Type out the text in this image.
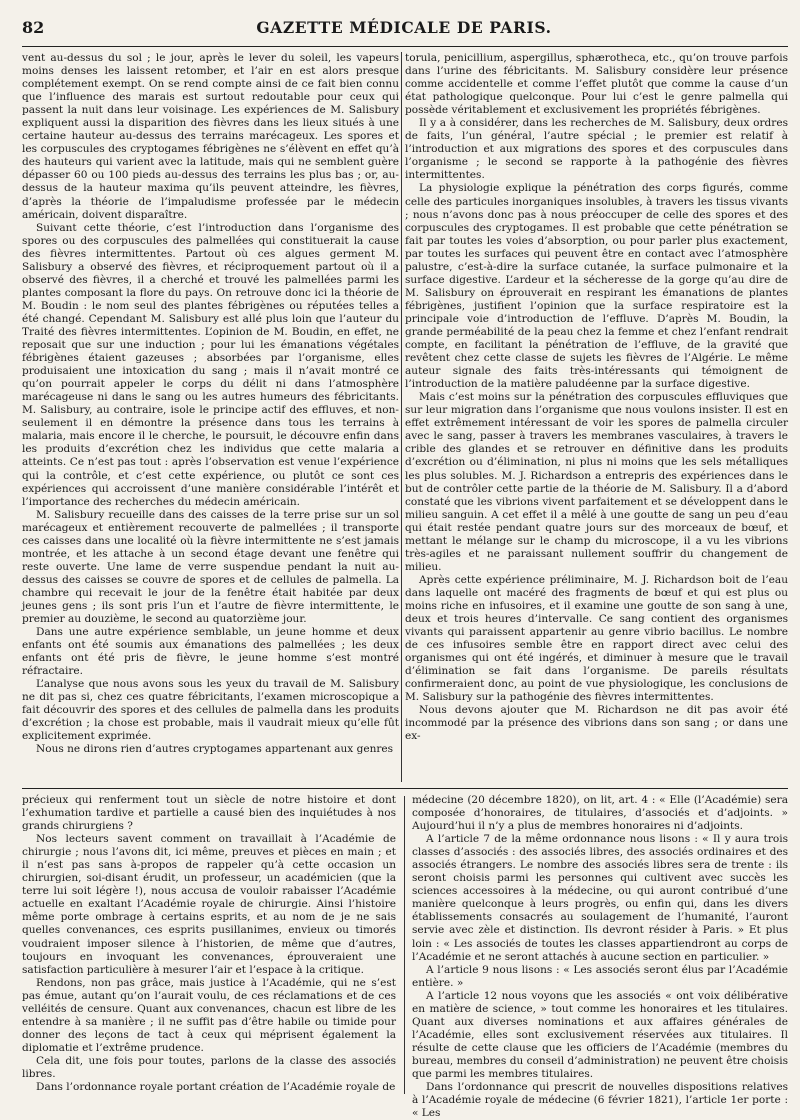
82	GAZETTE MÉDICALE DE PARIS.

vent au-dessus du sol ; le jour, après le lever du soleil, les vapeurs moins denses les laissent retomber, et l’air en est alors presque complétement exempt. On se rend compte ainsi de ce fait bien connu que l’influence des marais est surtout redoutable pour ceux qui passent la nuit dans leur voisinage. Les expériences de M. Salisbury expliquent aussi la disparition des fièvres dans les lieux situés à une certaine hauteur au-dessus des terrains marécageux. Les spores et les corpuscules des cryptogames fébrigènes ne s’élèvent en effet qu’à des hauteurs qui varient avec la latitude, mais qui ne semblent guère dépasser 60 ou 100 pieds au-dessus des terrains les plus bas ; or, au-dessus de la hauteur maxima qu’ils peuvent atteindre, les fièvres, d’après la théorie de l’impaludisme professée par le médecin américain, doivent disparaître.

Suivant cette théorie, c’est l’introduction dans l’organisme des spores ou des corpuscules des palmellées qui constituerait la cause des fièvres intermittentes. Partout où ces algues germent M. Salisbury a observé des fièvres, et réciproquement partout où il a observé des fièvres, il a cherché et trouvé les palmellées parmi les plantes composant la flore du pays. On retrouve donc ici la théorie de M. Boudin : le nom seul des plantes fébrigènes ou réputées telles a été changé. Cependant M. Salisbury est allé plus loin que l’auteur du Traité des fièvres intermittentes. L’opinion de M. Boudin, en effet, ne reposait que sur une induction ; pour lui les émanations végétales fébrigènes étaient gazeuses ; absorbées par l’organisme, elles produisaient une intoxication du sang ; mais il n’avait montré ce qu’on pourrait appeler le corps du délit ni dans l’atmosphère marécageuse ni dans le sang ou les autres humeurs des fébricitants. M. Salisbury, au contraire, isole le principe actif des effluves, et non-seulement il en démontre la présence dans tous les terrains à malaria, mais encore il le cherche, le poursuit, le découvre enfin dans les produits d’excrétion chez les individus que cette malaria a atteints. Ce n’est pas tout : après l’observation est venue l’expérience qui la contrôle, et c’est cette expérience, ou plutôt ce sont ces expériences qui accroissent d’une manière considérable l’intérêt et l’importance des recherches du médecin américain.

M. Salisbury recueille dans des caisses de la terre prise sur un sol marécageux et entièrement recouverte de palmellées ; il transporte ces caisses dans une localité où la fièvre intermittente ne s’est jamais montrée, et les attache à un second étage devant une fenêtre qui reste ouverte. Une lame de verre suspendue pendant la nuit au-dessus des caisses se couvre de spores et de cellules de palmella. La chambre qui recevait le jour de la fenêtre était habitée par deux jeunes gens ; ils sont pris l’un et l’autre de fièvre intermittente, le premier au douzième, le second au quatorzième jour.

Dans une autre expérience semblable, un jeune homme et deux enfants ont été soumis aux émanations des palmellées ; les deux enfants ont été pris de fièvre, le jeune homme s’est montré réfractaire.

L’analyse que nous avons sous les yeux du travail de M. Salisbury ne dit pas si, chez ces quatre fébricitants, l’examen microscopique a fait découvrir des spores et des cellules de palmella dans les produits d’excrétion ; la chose est probable, mais il vaudrait mieux qu’elle fût explicitement exprimée.

Nous ne dirons rien d’autres cryptogames appartenant aux genres

torula, penicillium, aspergillus, sphærotheca, etc., qu’on trouve parfois dans l’urine des fébricitants. M. Salisbury considère leur présence comme accidentelle et comme l’effet plutôt que comme la cause d’un état pathologique quelconque. Pour lui c’est le genre palmella qui possède véritablement et exclusivement les propriétés fébrigènes.

Il y a à considérer, dans les recherches de M. Salisbury, deux ordres de faits, l’un général, l’autre spécial ; le premier est relatif à l’introduction et aux migrations des spores et des corpuscules dans l’organisme ; le second se rapporte à la pathogénie des fièvres intermittentes.

La physiologie explique la pénétration des corps figurés, comme celle des particules inorganiques insolubles, à travers les tissus vivants ; nous n’avons donc pas à nous préoccuper de celle des spores et des corpuscules des cryptogames. Il est probable que cette pénétration se fait par toutes les voies d’absorption, ou pour parler plus exactement, par toutes les surfaces qui peuvent être en contact avec l’atmosphère palustre, c’est-à-dire la surface cutanée, la surface pulmonaire et la surface digestive. L’ardeur et la sécheresse de la gorge qu’au dire de M. Salisbury on éprouverait en respirant les émanations de plantes fébrigènes, justifient l’opinion que la surface respiratoire est la principale voie d’introduction de l’effluve. D’après M. Boudin, la grande perméabilité de la peau chez la femme et chez l’enfant rendrait compte, en facilitant la pénétration de l’effluve, de la gravité que revêtent chez cette classe de sujets les fièvres de l’Algérie. Le même auteur signale des faits très-intéressants qui témoignent de l’introduction de la matière paludéenne par la surface digestive.

Mais c’est moins sur la pénétration des corpuscules effluviques que sur leur migration dans l’organisme que nous voulons insister. Il est en effet extrêmement intéressant de voir les spores de palmella circuler avec le sang, passer à travers les membranes vasculaires, à travers le crible des glandes et se retrouver en définitive dans les produits d’excrétion ou d’élimination, ni plus ni moins que les sels métalliques les plus solubles. M. J. Richardson a entrepris des expériences dans le but de contrôler cette partie de la théorie de M. Salisbury. Il a d’abord constaté que les vibrions vivent parfaitement et se développent dans le milieu sanguin. A cet effet il a mêlé à une goutte de sang un peu d’eau qui était restée pendant quatre jours sur des morceaux de bœuf, et mettant le mélange sur le champ du microscope, il a vu les vibrions très-agiles et ne paraissant nullement souffrir du changement de milieu.

Après cette expérience préliminaire, M. J. Richardson boit de l’eau dans laquelle ont macéré des fragments de bœuf et qui est plus ou moins riche en infusoires, et il examine une goutte de son sang à une, deux et trois heures d’intervalle. Ce sang contient des organismes vivants qui paraissent appartenir au genre vibrio bacillus. Le nombre de ces infusoires semble être en rapport direct avec celui des organismes qui ont été ingérés, et diminuer à mesure que le travail d’élimination se fait dans l’organisme. De pareils résultats confirmeraient donc, au point de vue physiologique, les conclusions de M. Salisbury sur la pathogénie des fièvres intermittentes.

Nous devons ajouter que M. Richardson ne dit pas avoir été incommodé par la présence des vibrions dans son sang ; or dans une ex-

précieux qui renferment tout un siècle de notre histoire et dont l’exhumation tardive et partielle a causé bien des inquiétudes à nos grands chirurgiens ?

Nos lecteurs savent comment on travaillait à l’Académie de chirurgie ; nous l’avons dit, ici même, preuves et pièces en main ; et il n’est pas sans à-propos de rappeler qu’à cette occasion un chirurgien, soi-disant érudit, un professeur, un académicien (que la terre lui soit légère !), nous accusa de vouloir rabaisser l’Académie actuelle en exaltant l’Académie royale de chirurgie. Ainsi l’histoire même porte ombrage à certains esprits, et au nom de je ne sais quelles convenances, ces esprits pusillanimes, envieux ou timorés voudraient imposer silence à l’historien, de même que d’autres, toujours en invoquant les convenances, éprouveraient une satisfaction particulière à mesurer l’air et l’espace à la critique.

Rendons, non pas grâce, mais justice à l’Académie, qui ne s’est pas émue, autant qu’on l’aurait voulu, de ces réclamations et de ces velléités de censure. Quant aux convenances, chacun est libre de les entendre à sa manière ; il ne suffit pas d’être habile ou timide pour donner des leçons de tact à ceux qui méprisent également la diplomatie et l’extrême prudence.

Cela dit, une fois pour toutes, parlons de la classe des associés libres.

Dans l’ordonnance royale portant création de l’Académie royale de

médecine (20 décembre 1820), on lit, art. 4 : « Elle (l’Académie) sera composée d’honoraires, de titulaires, d’associés et d’adjoints. » Aujourd’hui il n’y a plus de membres honoraires ni d’adjoints.

A l’article 7 de la même ordonnance nous lisons : « Il y aura trois classes d’associés : des associés libres, des associés ordinaires et des associés étrangers. Le nombre des associés libres sera de trente : ils seront choisis parmi les personnes qui cultivent avec succès les sciences accessoires à la médecine, ou qui auront contribué d’une manière quelconque à leurs progrès, ou enfin qui, dans les divers établissements consacrés au soulagement de l’humanité, l’auront servie avec zèle et distinction. Ils devront résider à Paris. » Et plus loin : « Les associés de toutes les classes appartiendront au corps de l’Académie et ne seront attachés à aucune section en particulier. »

A l’article 9 nous lisons : « Les associés seront élus par l’Académie entière. »

A l’article 12 nous voyons que les associés « ont voix délibérative en matière de science, » tout comme les honoraires et les titulaires. Quant aux diverses nominations et aux affaires générales de l’Académie, elles sont exclusivement réservées aux titulaires. Il résulte de cette clause que les officiers de l’Académie (membres du bureau, membres du conseil d’administration) ne peuvent être choisis que parmi les membres titulaires.

Dans l’ordonnance qui prescrit de nouvelles dispositions relatives à l’Académie royale de médecine (6 février 1821), l’article 1er porte : « Les
